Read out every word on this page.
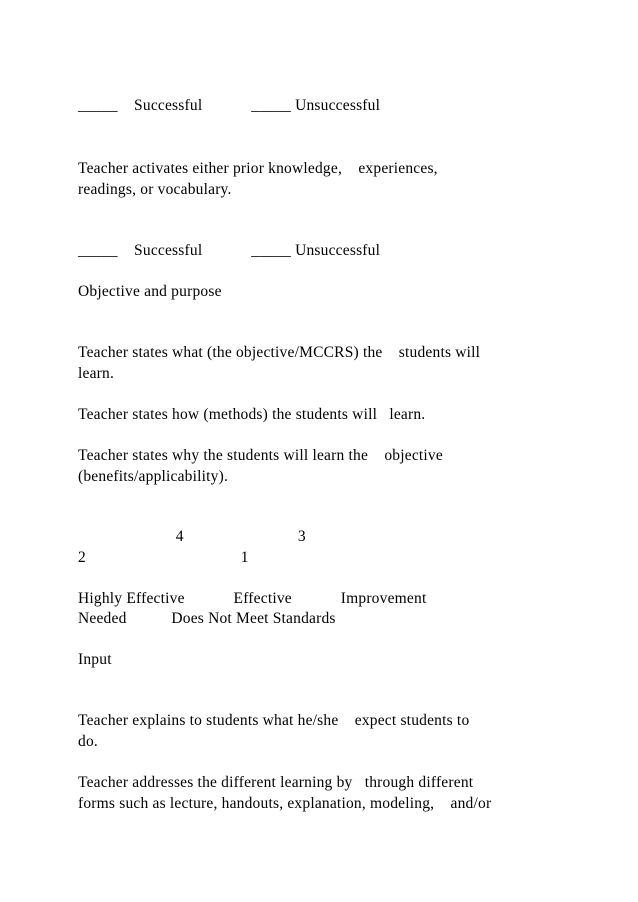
_____    Successful            _____ Unsuccessful
Teacher activates either prior knowledge,    experiences,
readings, or vocabulary.
_____    Successful            _____ Unsuccessful
Objective and purpose
Teacher states what (the objective/MCCRS) the    students will
learn.
Teacher states how (methods) the students will   learn.
Teacher states why the students will learn the    objective
(benefits/applicability).
4                            3
2                                      1
Highly Effective            Effective            Improvement
Needed           Does Not Meet Standards
Input
Teacher explains to students what he/she    expect students to
do.
Teacher addresses the different learning by   through different
forms such as lecture, handouts, explanation, modeling,    and/or
